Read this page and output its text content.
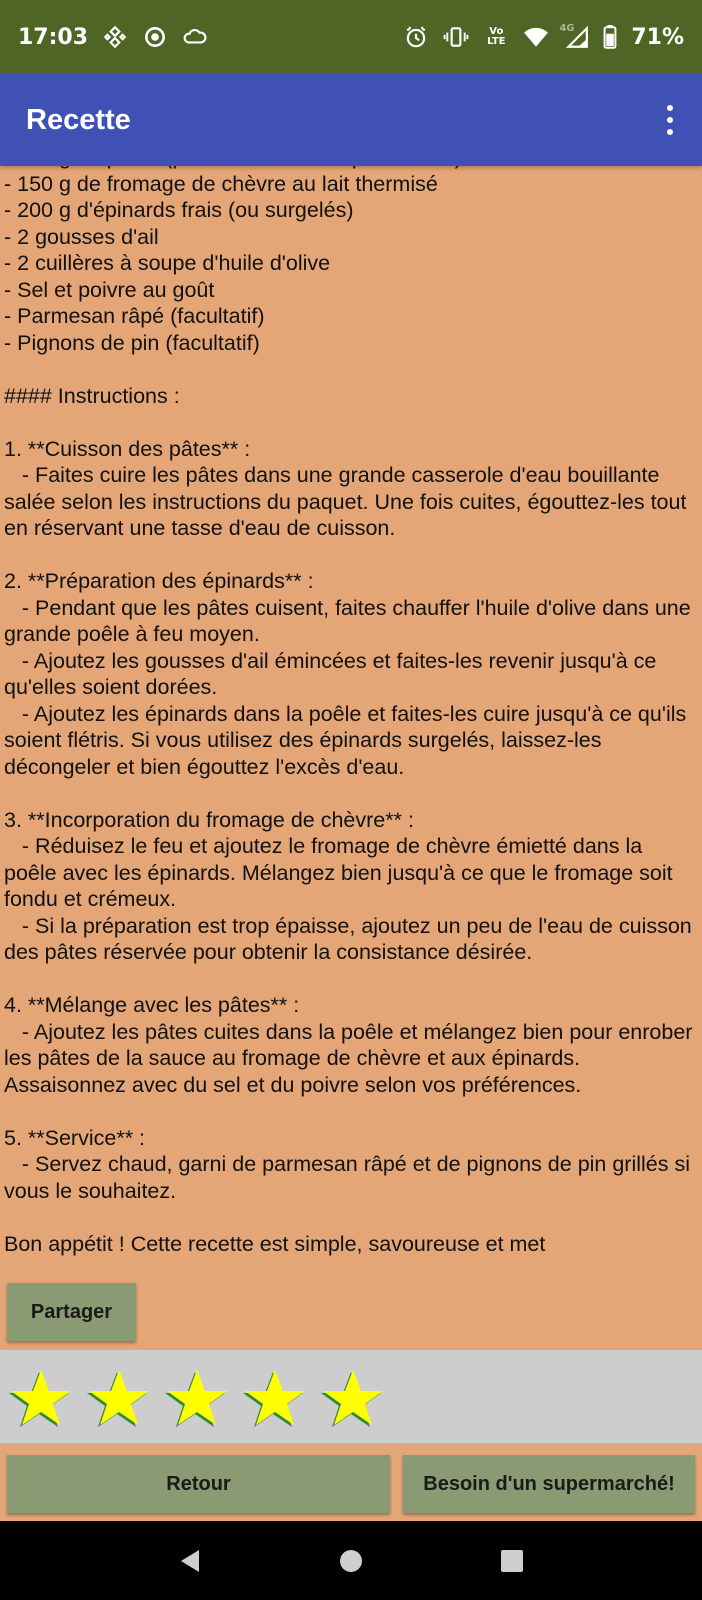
17:03	Vo
LTE
4G	71%
Recette

- 150 g de fromage de chèvre au lait thermisé
- 200 g d'épinards frais (ou surgelés)
- 2 gousses d'ail
- 2 cuillères à soupe d'huile d'olive
- Sel et poivre au goût
- Parmesan râpé (facultatif)
- Pignons de pin (facultatif)

#### Instructions :

1. **Cuisson des pâtes** :
- Faites cuire les pâtes dans une grande casserole d'eau bouillante salée selon les instructions du paquet. Une fois cuites, égouttez-les tout en réservant une tasse d'eau de cuisson.

2. **Préparation des épinards** :
- Pendant que les pâtes cuisent, faites chauffer l'huile d'olive dans une grande poêle à feu moyen.
- Ajoutez les gousses d'ail émincées et faites-les revenir jusqu'à ce qu'elles soient dorées.
- Ajoutez les épinards dans la poêle et faites-les cuire jusqu'à ce qu'ils soient flétris. Si vous utilisez des épinards surgelés, laissez-les décongeler et bien égouttez l'excès d'eau.

3. **Incorporation du fromage de chèvre** :
- Réduisez le feu et ajoutez le fromage de chèvre émietté dans la poêle avec les épinards. Mélangez bien jusqu'à ce que le fromage soit fondu et crémeux.
- Si la préparation est trop épaisse, ajoutez un peu de l'eau de cuisson des pâtes réservée pour obtenir la consistance désirée.

4. **Mélange avec les pâtes** :
- Ajoutez les pâtes cuites dans la poêle et mélangez bien pour enrober les pâtes de la sauce au fromage de chèvre et aux épinards. Assaisonnez avec du sel et du poivre selon vos préférences.

5. **Service** :
- Servez chaud, garni de parmesan râpé et de pignons de pin grillés si vous le souhaitez.

Bon appétit ! Cette recette est simple, savoureuse et met
Partager
Retour	Besoin d'un supermarché!
